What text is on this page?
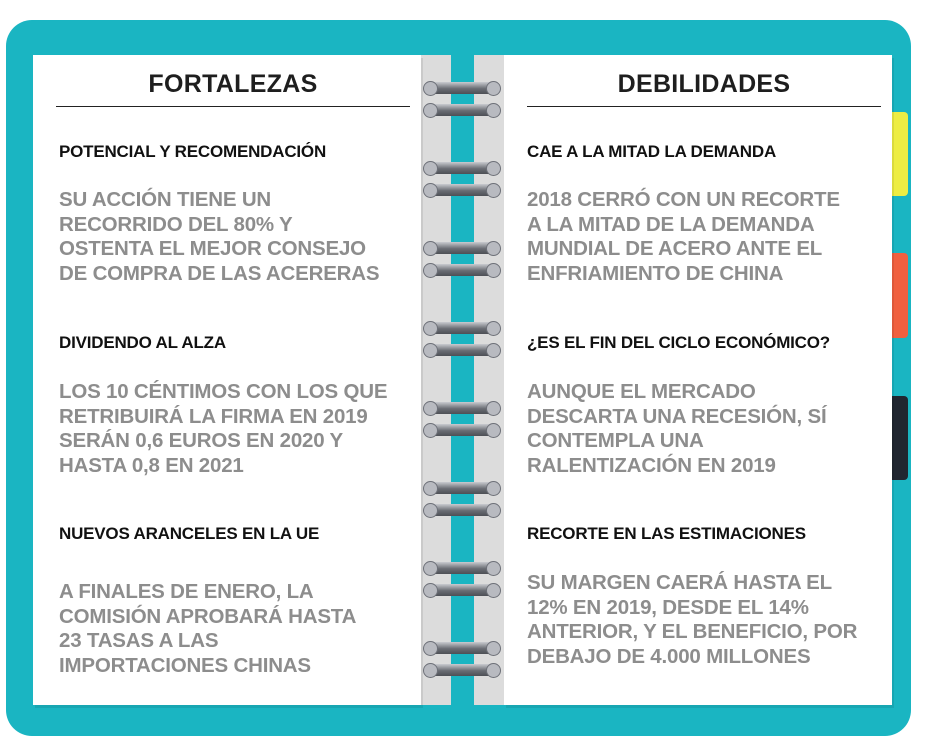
FORTALEZAS
POTENCIAL Y RECOMENDACIÓN
SU ACCIÓN TIENE UN
RECORRIDO DEL 80% Y
OSTENTA EL MEJOR CONSEJO
DE COMPRA DE LAS ACERERAS
DIVIDENDO AL ALZA
LOS 10 CÉNTIMOS CON LOS QUE
RETRIBUIRÁ LA FIRMA EN 2019
SERÁN 0,6 EUROS EN 2020 Y
HASTA 0,8 EN 2021
NUEVOS ARANCELES EN LA UE
A FINALES DE ENERO, LA
COMISIÓN APROBARÁ HASTA
23 TASAS A LAS
IMPORTACIONES CHINAS
DEBILIDADES
CAE A LA MITAD LA DEMANDA
2018 CERRÓ CON UN RECORTE
A LA MITAD DE LA DEMANDA
MUNDIAL DE ACERO ANTE EL
ENFRIAMIENTO DE CHINA
¿ES EL FIN DEL CICLO ECONÓMICO?
AUNQUE EL MERCADO
DESCARTA UNA RECESIÓN, SÍ
CONTEMPLA UNA
RALENTIZACIÓN EN 2019
RECORTE EN LAS ESTIMACIONES
SU MARGEN CAERÁ HASTA EL
12% EN 2019, DESDE EL 14%
ANTERIOR, Y EL BENEFICIO, POR
DEBAJO DE 4.000 MILLONES
